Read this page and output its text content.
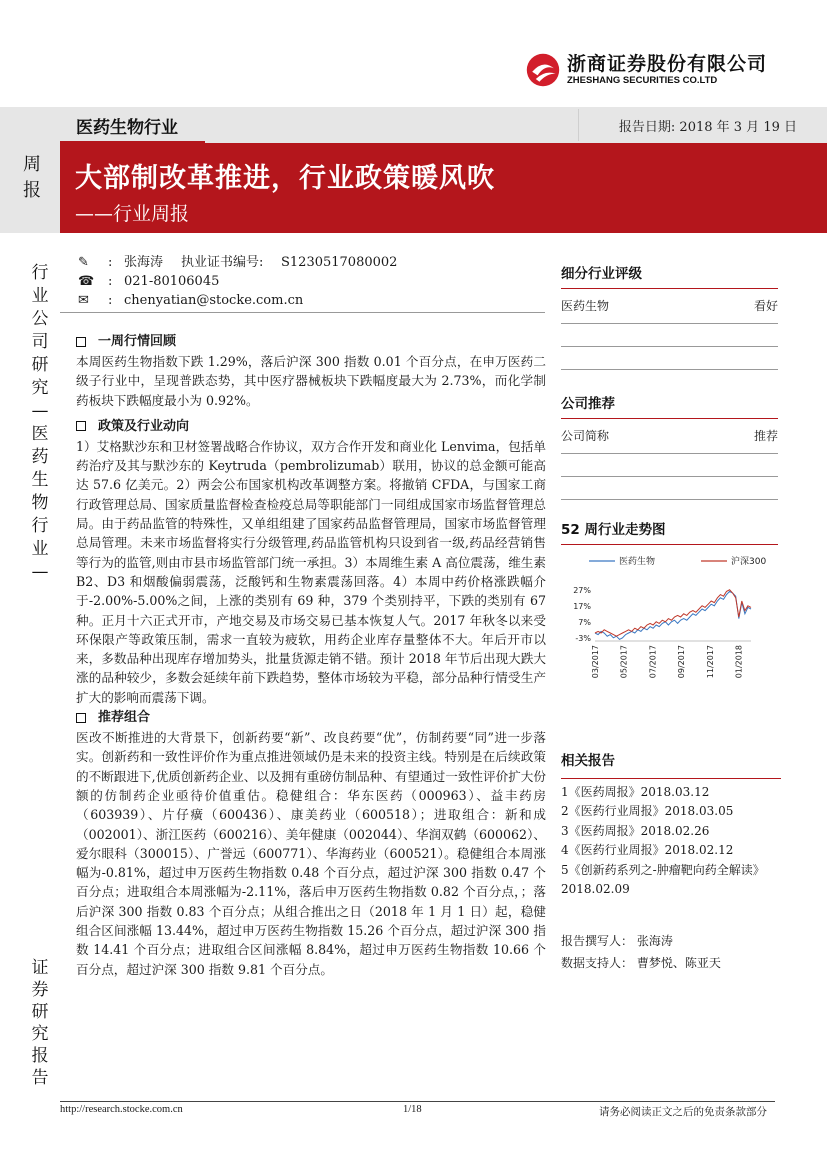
浙商证券股份有限公司
ZHESHANG SECURITIES CO.LTD
医药生物行业	报告日期: 2018 年 3 月 19 日
周报 大部制改革推进，行业政策暖风吹
——行业周报
行
业
公
司
研
究
—
医
药
生
物
行
业
—
证
券
研
究
报
告
✎	: 张海涛	执业证书编号:	S1230517080002
☎	: 021-80106045
✉	: chenyatian@stocke.com.cn
一周行情回顾

本周医药生物指数下跌 1.29%，落后沪深 300 指数 0.01 个百分点，在申万医药二级子行业中，呈现普跌态势，其中医疗器械板块下跌幅度最大为 2.73%，而化学制药板块下跌幅度最小为 0.92%。

政策及行业动向

1）艾格默沙东和卫材签署战略合作协议，双方合作开发和商业化 Lenvima，包括单药治疗及其与默沙东的 Keytruda（pembrolizumab）联用，协议的总金额可能高达 57.6 亿美元。2）两会公布国家机构改革调整方案。将撤销 CFDA，与国家工商行政管理总局、国家质量监督检查检疫总局等职能部门一同组成国家市场监督管理总局。由于药品监管的特殊性，又单组组建了国家药品监督管理局，国家市场监督管理总局管理。未来市场监督将实行分级管理,药品监管机构只设到省一级,药品经营销售等行为的监管,则由市县市场监管部门统一承担。3）本周维生素 A 高位震荡，维生素 B2、D3 和烟酸偏弱震荡，泛酸钙和生物素震荡回落。4）本周中药价格涨跌幅介于-2.00%-5.00%之间，上涨的类别有 69 种，379 个类别持平，下跌的类别有 67 种。正月十六正式开市，产地交易及市场交易已基本恢复人气。2017 年秋冬以来受环保限产等政策压制，需求一直较为疲软，用药企业库存量整体不大。年后开市以来，多数品种出现库存增加势头，批量货源走销不错。预计 2018 年节后出现大跌大涨的品种较少，多数会延续年前下跌趋势，整体市场较为平稳，部分品种行情受生产扩大的影响而震荡下调。

推荐组合

医改不断推进的大背景下，创新药要“新”、改良药要“优”，仿制药要“同”进一步落实。创新药和一致性评价作为重点推进领域仍是未来的投资主线。特别是在后续政策的不断跟进下,优质创新药企业、以及拥有重磅仿制品种、有望通过一致性评价扩大份额的仿制药企业亟待价值重估。稳健组合：华东医药（000963）、益丰药房（603939）、片仔癀（600436）、康美药业（600518）；进取组合：新和成（002001）、浙江医药（600216）、美年健康（002044）、华润双鹤（600062）、爱尔眼科（300015）、广誉远（600771）、华海药业（600521）。稳健组合本周涨幅为-0.81%，超过申万医药生物指数 0.48 个百分点，超过沪深 300 指数 0.47 个百分点；进取组合本周涨幅为-2.11%，落后申万医药生物指数 0.82 个百分点，；落后沪深 300 指数 0.83 个百分点；从组合推出之日（2018 年 1 月 1 日）起，稳健组合区间涨幅 13.44%，超过申万医药生物指数 15.26 个百分点，超过沪深 300 指数 14.41 个百分点；进取组合区间涨幅 8.84%，超过申万医药生物指数 10.66 个百分点，超过沪深 300 指数 9.81 个百分点。

细分行业评级
医药生物	看好
公司推荐
公司简称	推荐
52 周行业走势图
医药生物	沪深300
27%
17%
7%
-3%
03/2017 05/2017 07/2017 09/2017 11/2017 01/2018
相关报告
1《医药周报》2018.03.12
2《医药行业周报》2018.03.05
3《医药周报》2018.02.26
4《医药行业周报》2018.02.12
5《创新药系列之-肿瘤靶向药全解读》2018.02.09
报告撰写人： 张海涛
数据支持人： 曹梦悦、陈亚天
http://research.stocke.com.cn	1/18	请务必阅读正文之后的免责条款部分
